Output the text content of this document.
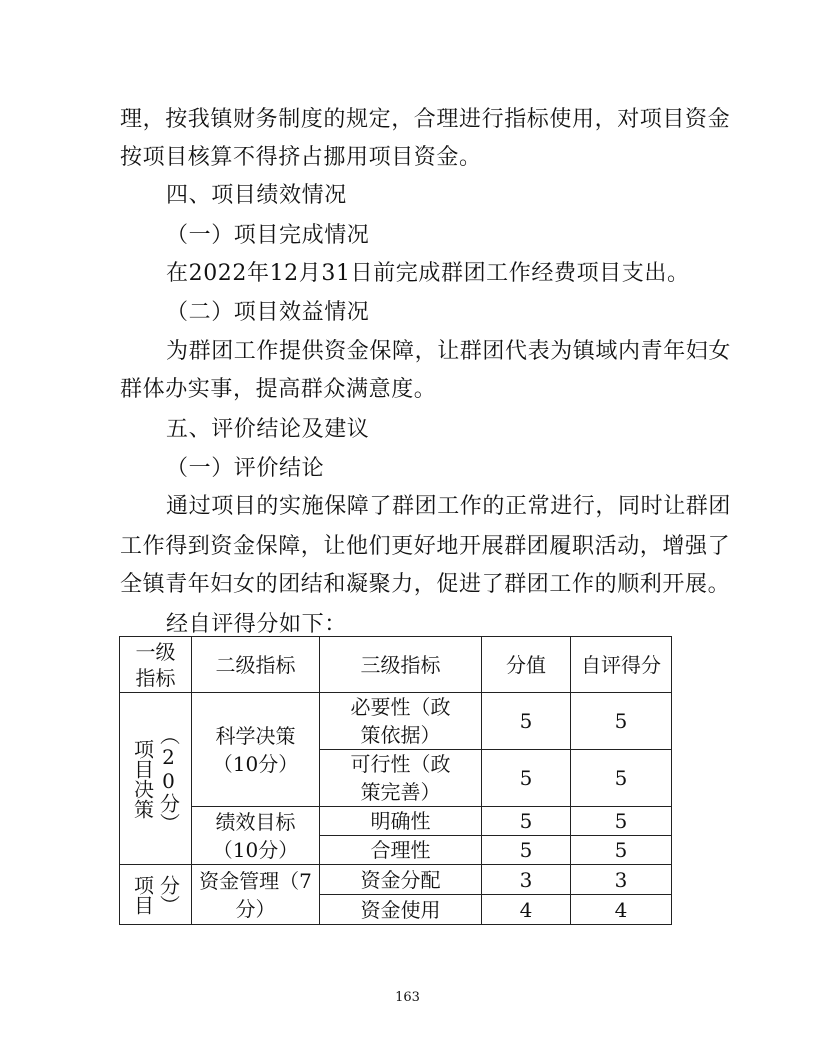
理，按我镇财务制度的规定，合理进行指标使用，对项目资金
按项目核算不得挤占挪用项目资金。
四、项目绩效情况
（一）项目完成情况
在2022年12月31日前完成群团工作经费项目支出。
（二）项目效益情况
为群团工作提供资金保障，让群团代表为镇域内青年妇女
群体办实事，提高群众满意度。
五、评价结论及建议
（一）评价结论
通过项目的实施保障了群团工作的正常进行，同时让群团
工作得到资金保障，让他们更好地开展群团履职活动，增强了
全镇青年妇女的团结和凝聚力，促进了群团工作的顺利开展。
经自评得分如下：
一级指标	二级指标	三级指标	分值	自评得分

项目决策 （20分）	科学决策（10分）	必要性（政策依据）	5	5

		可行性（政策完善）	5	5

	绩效目标（10分）	明确性	5	5
		合理性	5	5

项目 分）	资金管理（7分）	资金分配	3	3
		资金使用	4	4
163
